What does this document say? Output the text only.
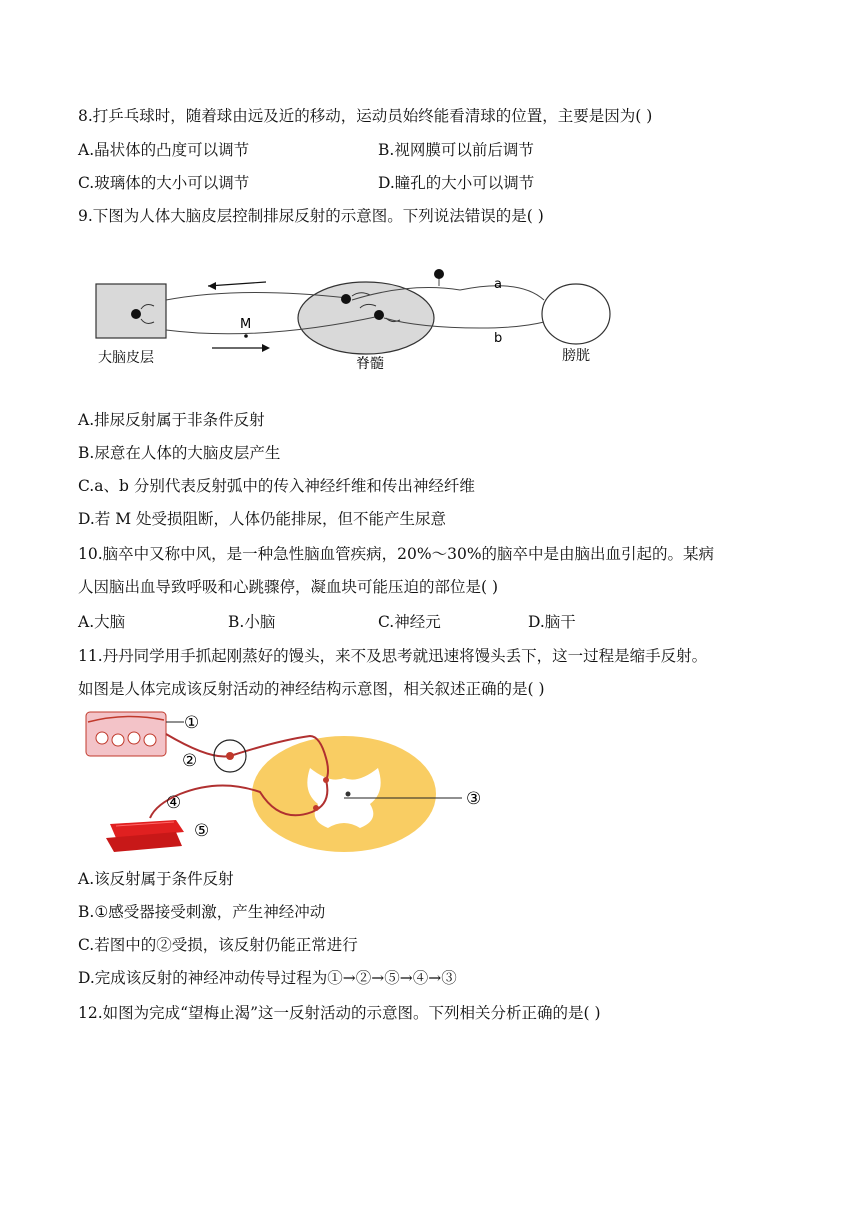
8.打乒乓球时，随着球由远及近的移动，运动员始终能看清球的位置，主要是因为( )
A.晶状体的凸度可以调节	B.视网膜可以前后调节
C.玻璃体的大小可以调节	D.瞳孔的大小可以调节
9.下图为人体大脑皮层控制排尿反射的示意图。下列说法错误的是( )
M
a
b
大脑皮层	脊髓	膀胱
A.排尿反射属于非条件反射
B.尿意在人体的大脑皮层产生
C.a、b 分别代表反射弧中的传入神经纤维和传出神经纤维
D.若 M 处受损阻断，人体仍能排尿，但不能产生尿意
10.脑卒中又称中风，是一种急性脑血管疾病，20%～30%的脑卒中是由脑出血引起的。某病
人因脑出血导致呼吸和心跳骤停，凝血块可能压迫的部位是( )
A.大脑	B.小脑	C.神经元	D.脑干
11.丹丹同学用手抓起刚蒸好的馒头，来不及思考就迅速将馒头丢下，这一过程是缩手反射。
如图是人体完成该反射活动的神经结构示意图，相关叙述正确的是( )
①
②
③
④
⑤
A.该反射属于条件反射
B.①感受器接受刺激，产生神经冲动
C.若图中的②受损，该反射仍能正常进行
D.完成该反射的神经冲动传导过程为①→②→⑤→④→③
12.如图为完成“望梅止渴”这一反射活动的示意图。下列相关分析正确的是( )
